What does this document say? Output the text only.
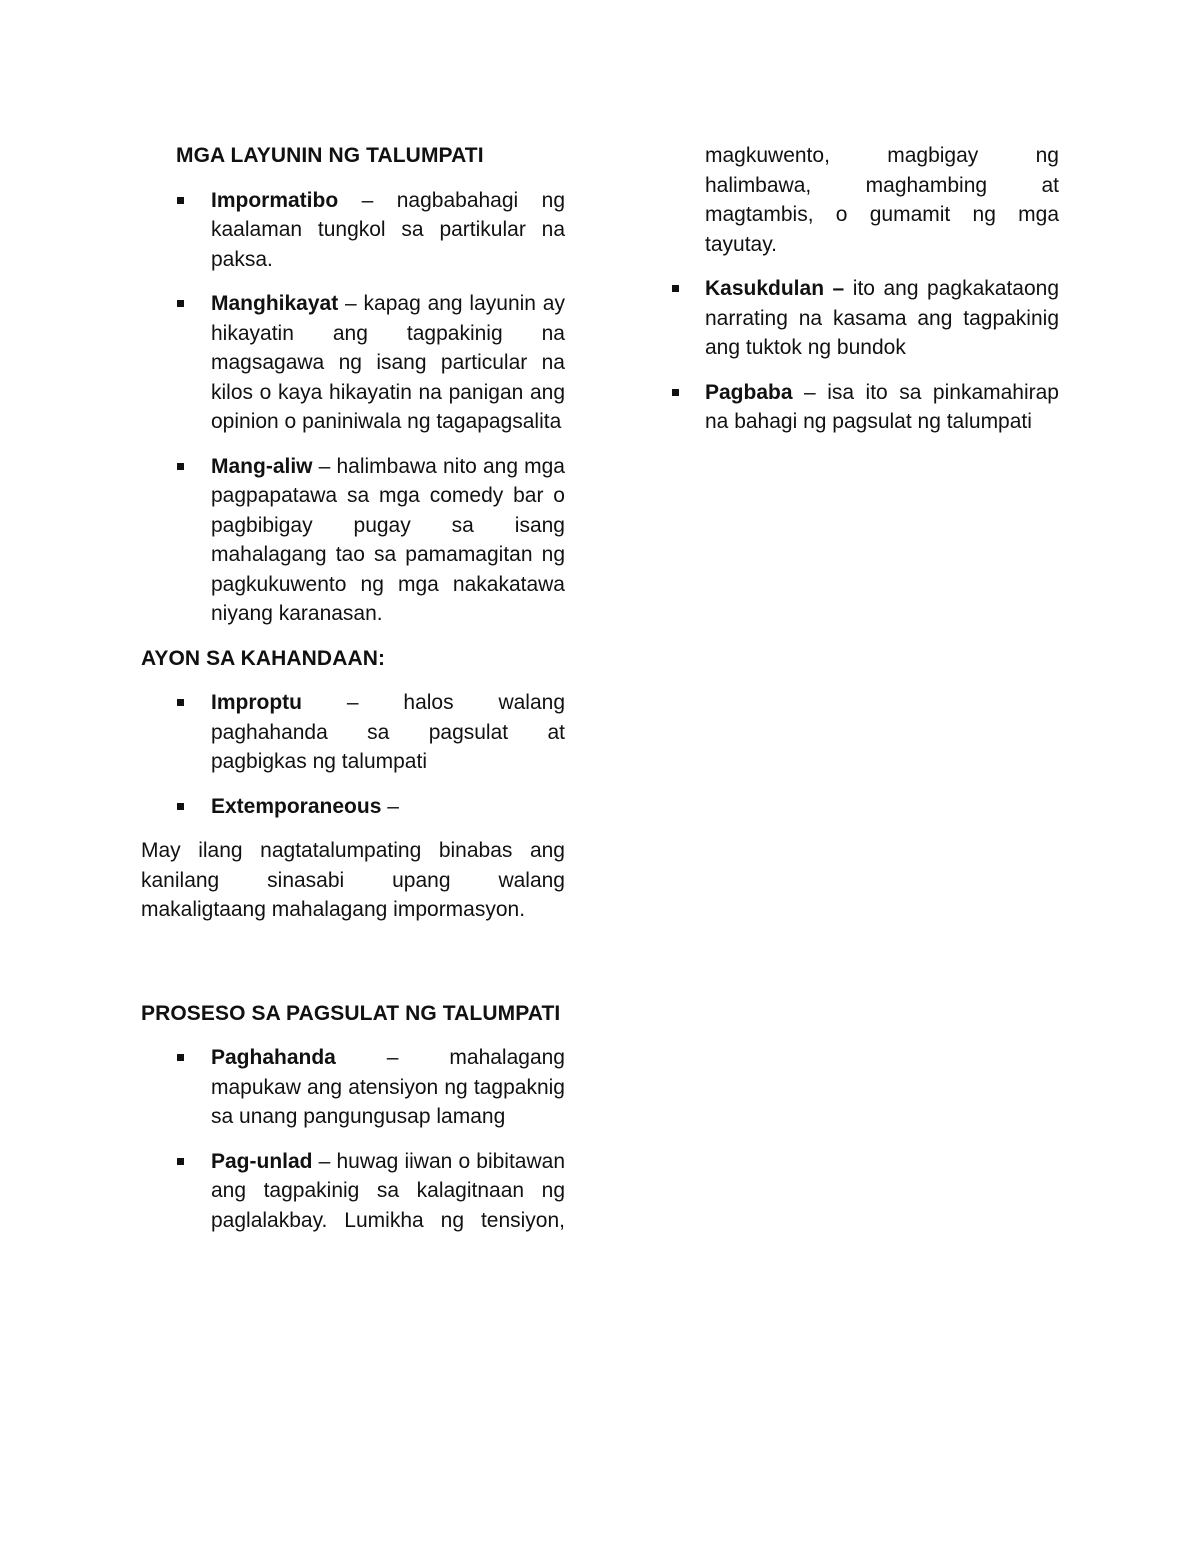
MGA LAYUNIN NG TALUMPATI
Impormatibo – nagbabahagi ng kaalaman tungkol sa partikular na paksa.
Manghikayat – kapag ang layunin ay hikayatin ang tagpakinig na magsagawa ng isang particular na kilos o kaya hikayatin na panigan ang opinion o paniniwala ng tagapagsalita
Mang-aliw – halimbawa nito ang mga pagpapatawa sa mga comedy bar o pagbibigay pugay sa isang mahalagang tao sa pamamagitan ng pagkukuwento ng mga nakakatawa niyang karanasan.
AYON SA KAHANDAAN:
Improptu – halos walang paghahanda sa pagsulat at pagbigkas ng talumpati
Extemporaneous –

May ilang nagtatalumpating binabas ang kanilang sinasabi upang walang makaligtaang mahalagang impormasyon.

PROSESO SA PAGSULAT NG TALUMPATI
Paghahanda – mahalagang mapukaw ang atensiyon ng tagpaknig sa unang pangungusap lamang
Pag-unlad – huwag iiwan o bibitawan ang tagpakinig sa kalagitnaan ng paglalakbay. Lumikha ng tensiyon,

magkuwento, magbigay ng halimbawa, maghambing at magtambis, o gumamit ng mga tayutay.

Kasukdulan – ito ang pagkakataong narrating na kasama ang tagpakinig ang tuktok ng bundok
Pagbaba – isa ito sa pinkamahirap na bahagi ng pagsulat ng talumpati
